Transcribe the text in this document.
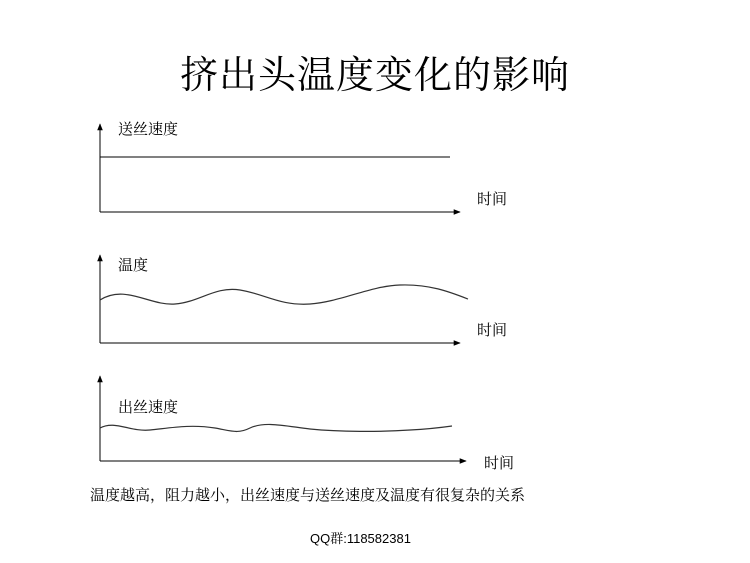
挤出头温度变化的影响
送丝速度
时间
温度
时间
出丝速度
时间
温度越高，阻力越小，出丝速度与送丝速度及温度有很复杂的关系
QQ群:118582381
